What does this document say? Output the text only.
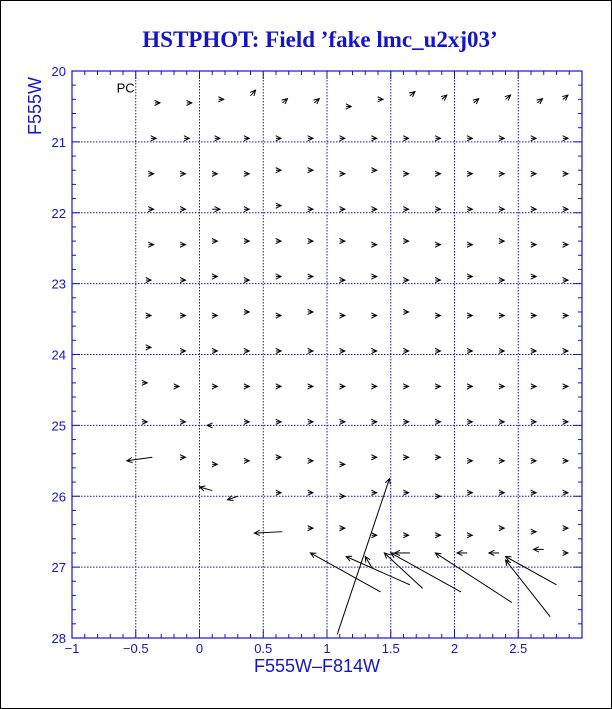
HSTPHOT: Field ’fake lmc_u2xj03’
−1	−0.5	0	0.5	1	1.5	2	2.5
20
21
22
23
24
25
26
27
28
PC
F555W–F814W
F555W
